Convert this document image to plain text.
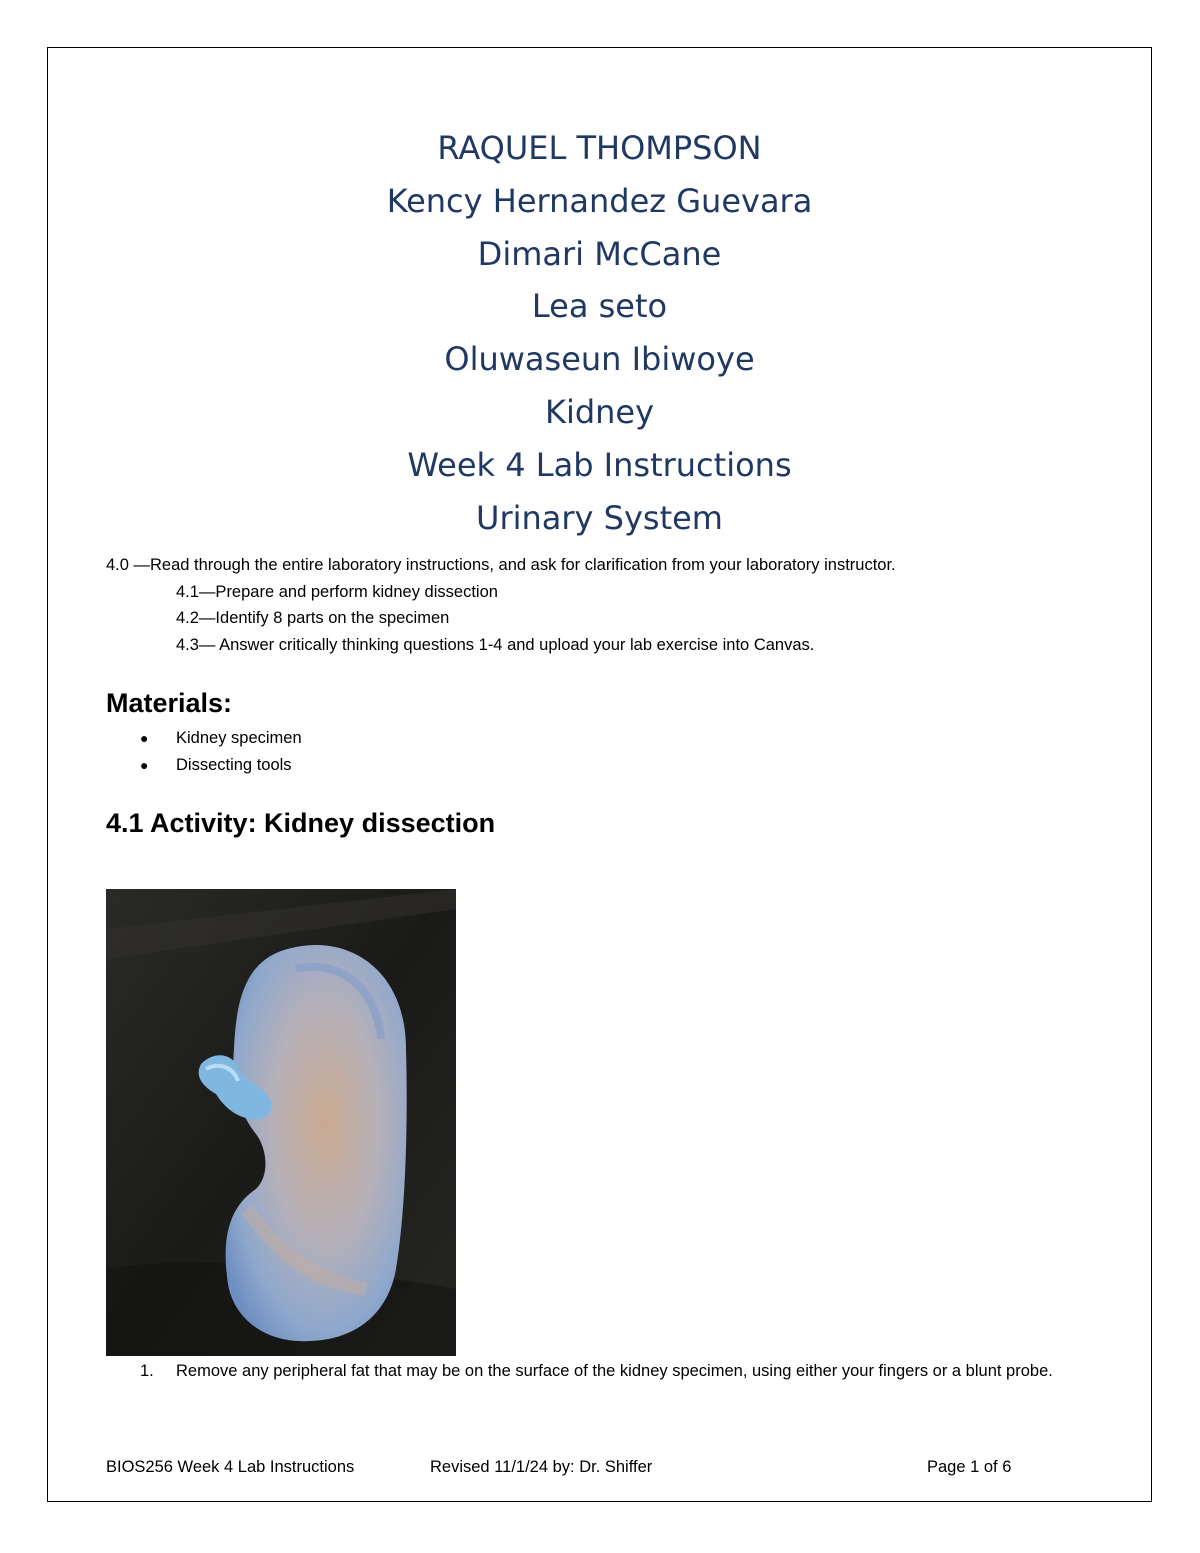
RAQUEL THOMPSON
Kency Hernandez Guevara
Dimari McCane
Lea seto
Oluwaseun Ibiwoye
Kidney
Week 4 Lab Instructions
Urinary System
4.0 —Read through the entire laboratory instructions, and ask for clarification from your laboratory instructor.
4.1—Prepare and perform kidney dissection
4.2—Identify 8 parts on the specimen
4.3— Answer critically thinking questions 1-4 and upload your lab exercise into Canvas.
Materials:
● Kidney specimen
● Dissecting tools
4.1 Activity: Kidney dissection
1. Remove any peripheral fat that may be on the surface of the kidney specimen, using either your fingers or a blunt probe.
BIOS256 Week 4 Lab Instructions	Revised 11/1/24 by: Dr. Shiffer	Page 1 of 6
